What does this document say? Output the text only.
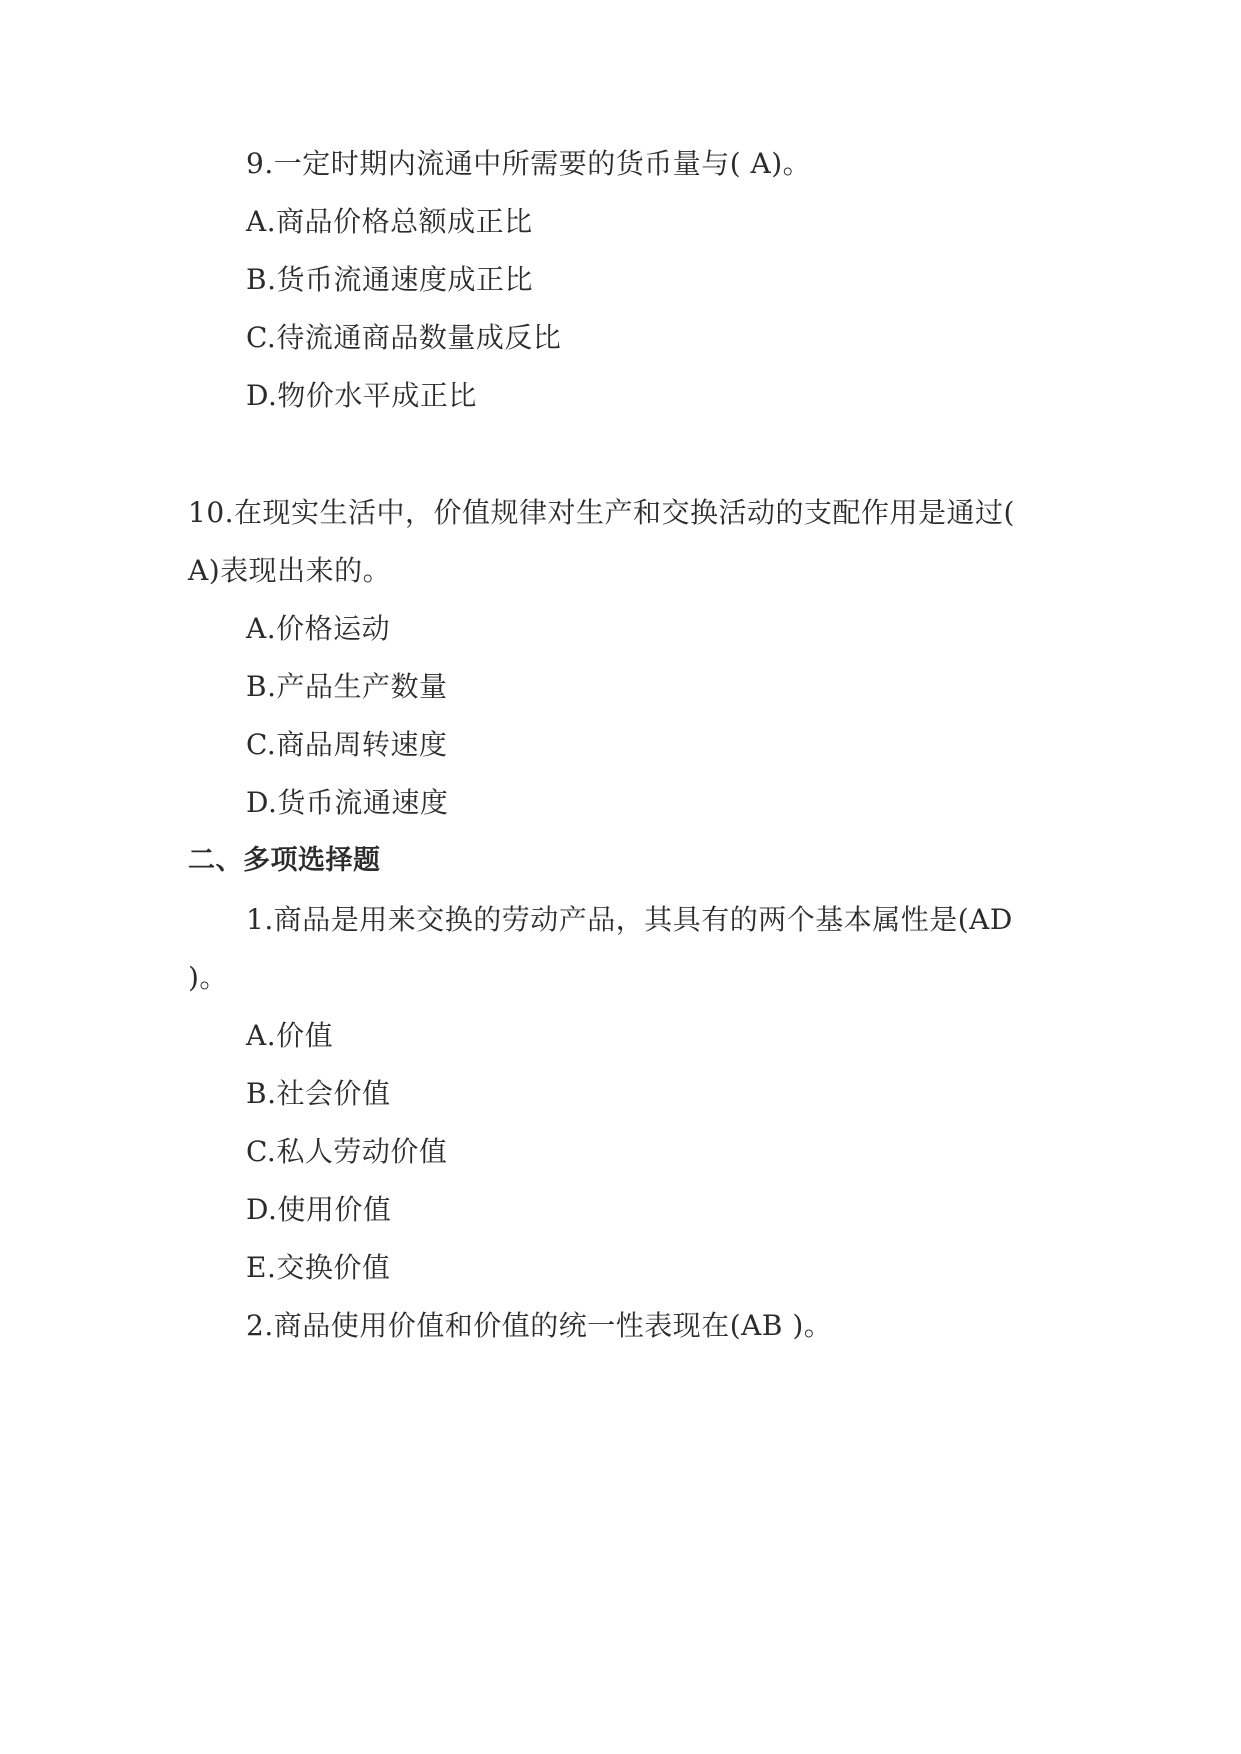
9.一定时期内流通中所需要的货币量与( A)。
A.商品价格总额成正比
B.货币流通速度成正比
C.待流通商品数量成反比
D.物价水平成正比
10.在现实生活中，价值规律对生产和交换活动的支配作用是通过(
A)表现出来的。
A.价格运动
B.产品生产数量
C.商品周转速度
D.货币流通速度
二、多项选择题
1.商品是用来交换的劳动产品，其具有的两个基本属性是(AD
)。
A.价值
B.社会价值
C.私人劳动价值
D.使用价值
E.交换价值
2.商品使用价值和价值的统一性表现在(AB )。
